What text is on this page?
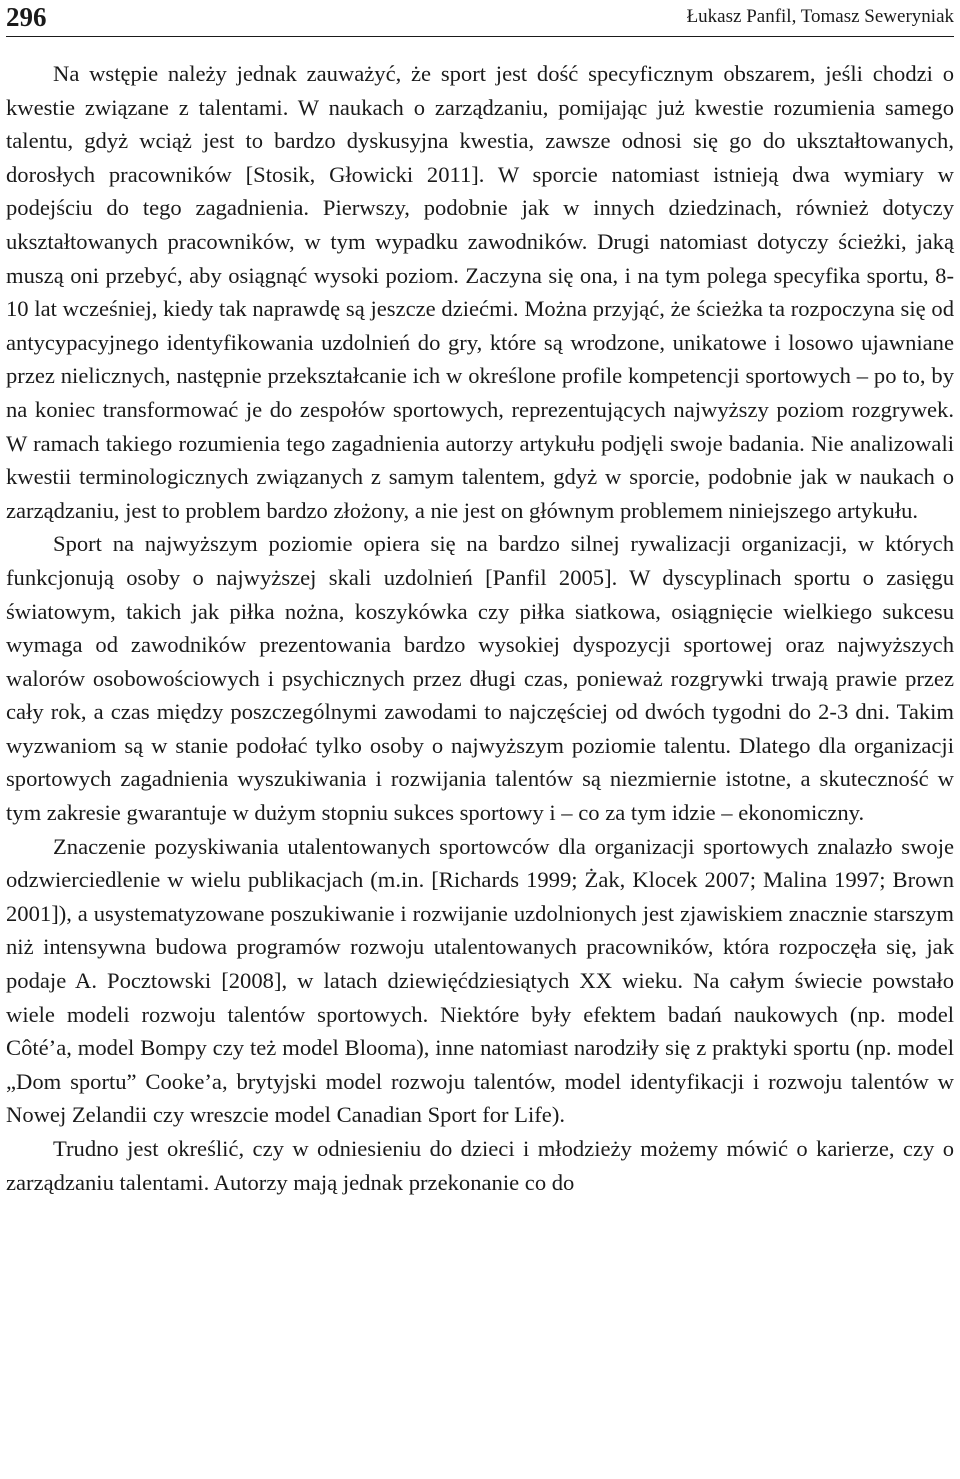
296	Łukasz Panfil, Tomasz Seweryniak

Na wstępie należy jednak zauważyć, że sport jest dość specyficznym obszarem, jeśli chodzi o kwestie związane z talentami. W naukach o zarządzaniu, pomijając już kwestie rozumienia samego talentu, gdyż wciąż jest to bardzo dyskusyjna kwestia, zawsze odnosi się go do ukształtowanych, dorosłych pracowników [Stosik, Głowicki 2011]. W sporcie natomiast istnieją dwa wymiary w podejściu do tego zagadnienia. Pierwszy, podobnie jak w innych dziedzinach, również dotyczy ukształtowanych pracowników, w tym wypadku zawodników. Drugi natomiast dotyczy ścieżki, jaką muszą oni przebyć, aby osiągnąć wysoki poziom. Zaczyna się ona, i na tym polega specyfika sportu, 8-10 lat wcześniej, kiedy tak naprawdę są jeszcze dziećmi. Można przyjąć, że ścieżka ta rozpoczyna się od antycypacyjnego identyfikowania uzdolnień do gry, które są wrodzone, unikatowe i losowo ujawniane przez nielicznych, następnie przekształcanie ich w określone profile kompetencji sportowych – po to, by na koniec transformować je do zespołów sportowych, reprezentujących najwyższy poziom rozgrywek. W ramach takiego rozumienia tego zagadnienia autorzy artykułu podjęli swoje badania. Nie analizowali kwestii terminologicznych związanych z samym talentem, gdyż w sporcie, podobnie jak w naukach o zarządzaniu, jest to problem bardzo złożony, a nie jest on głównym problemem niniejszego artykułu.

Sport na najwyższym poziomie opiera się na bardzo silnej rywalizacji organizacji, w których funkcjonują osoby o najwyższej skali uzdolnień [Panfil 2005]. W dyscyplinach sportu o zasięgu światowym, takich jak piłka nożna, koszykówka czy piłka siatkowa, osiągnięcie wielkiego sukcesu wymaga od zawodników prezentowania bardzo wysokiej dyspozycji sportowej oraz najwyższych walorów osobowościowych i psychicznych przez długi czas, ponieważ rozgrywki trwają prawie przez cały rok, a czas między poszczególnymi zawodami to najczęściej od dwóch tygodni do 2-3 dni. Takim wyzwaniom są w stanie podołać tylko osoby o najwyższym poziomie talentu. Dlatego dla organizacji sportowych zagadnienia wyszukiwania i rozwijania talentów są niezmiernie istotne, a skuteczność w tym zakresie gwarantuje w dużym stopniu sukces sportowy i – co za tym idzie – ekonomiczny.

Znaczenie pozyskiwania utalentowanych sportowców dla organizacji sportowych znalazło swoje odzwierciedlenie w wielu publikacjach (m.in. [Richards 1999; Żak, Klocek 2007; Malina 1997; Brown 2001]), a usystematyzowane poszukiwanie i rozwijanie uzdolnionych jest zjawiskiem znacznie starszym niż intensywna budowa programów rozwoju utalentowanych pracowników, która rozpoczęła się, jak podaje A. Pocztowski [2008], w latach dziewięćdziesiątych XX wieku. Na całym świecie powstało wiele modeli rozwoju talentów sportowych. Niektóre były efektem badań naukowych (np. model Côté’a, model Bompy czy też model Blooma), inne natomiast narodziły się z praktyki sportu (np. model „Dom sportu” Cooke’a, brytyjski model rozwoju talentów, model identyfikacji i rozwoju talentów w Nowej Zelandii czy wreszcie model Canadian Sport for Life).

Trudno jest określić, czy w odniesieniu do dzieci i młodzieży możemy mówić o karierze, czy o zarządzaniu talentami. Autorzy mają jednak przekonanie co do
